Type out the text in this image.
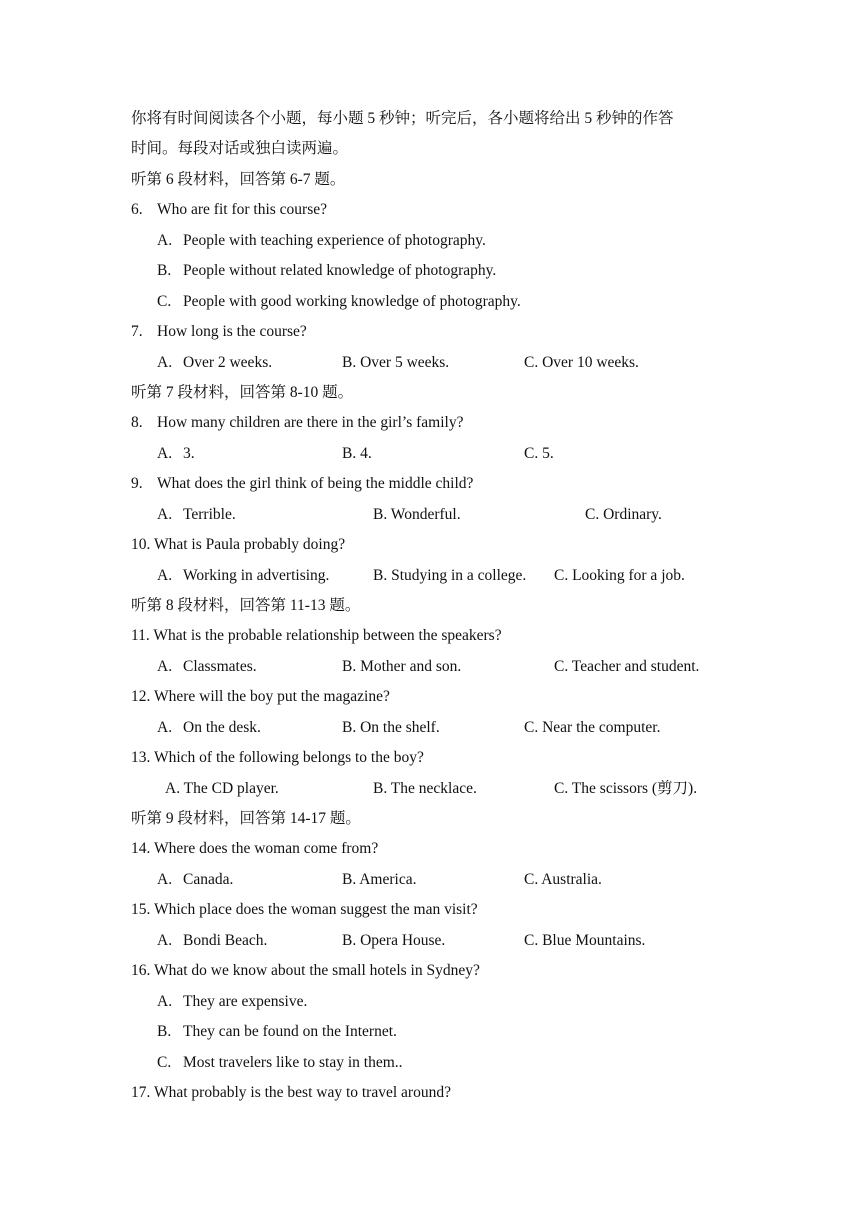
你将有时间阅读各个小题，每小题 5 秒钟；听完后，各小题将给出 5 秒钟的作答
时间。每段对话或独白读两遍。
听第 6 段材料，回答第 6-7 题。
6. Who are fit for this course?
A. People with teaching experience of photography.
B. People without related knowledge of photography.
C. People with good working knowledge of photography.
7. How long is the course?
A. Over 2 weeks.	B. Over 5 weeks.	C. Over 10 weeks.
听第 7 段材料，回答第 8-10 题。
8. How many children are there in the girl’s family?
A. 3.	B. 4.	C. 5.
9. What does the girl think of being the middle child?
A. Terrible.	B. Wonderful.	C. Ordinary.
10. What is Paula probably doing?
A. Working in advertising.	B. Studying in a college. C. Looking for a job.
听第 8 段材料，回答第 11-13 题。
11. What is the probable relationship between the speakers?
A. Classmates.	B. Mother and son.	C. Teacher and student.
12. Where will the boy put the magazine?
A. On the desk.	B. On the shelf.	C. Near the computer.
13. Which of the following belongs to the boy?
A. The CD player.	B. The necklace.	C. The scissors (剪刀).
听第 9 段材料，回答第 14-17 题。
14. Where does the woman come from?
A. Canada.	B. America.	C. Australia.
15. Which place does the woman suggest the man visit?
A. Bondi Beach.	B. Opera House.	C. Blue Mountains.
16. What do we know about the small hotels in Sydney?
A. They are expensive.
B. They can be found on the Internet.
C. Most travelers like to stay in them..
17. What probably is the best way to travel around?
